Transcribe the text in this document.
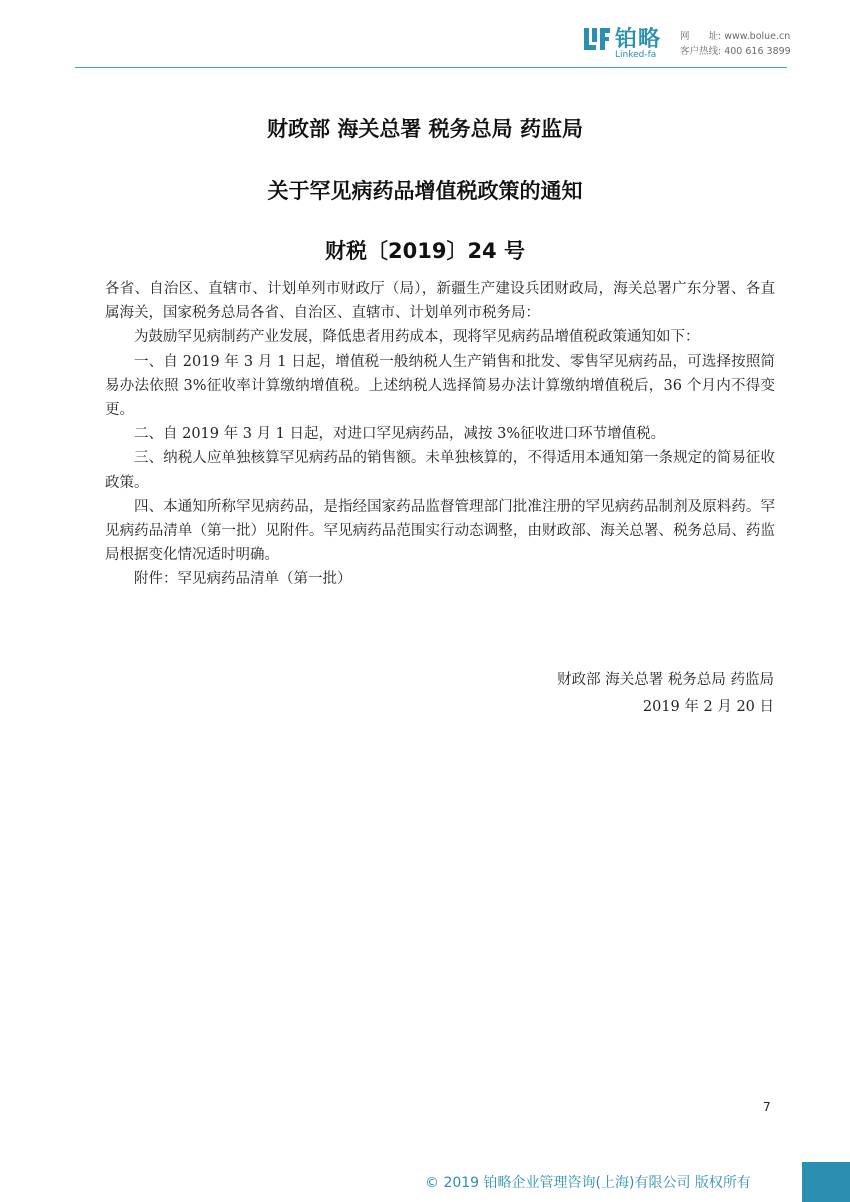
铂略
Linked-fa
网　　址: www.bolue.cn
客户热线: 400 616 3899
财政部 海关总署 税务总局 药监局
关于罕见病药品增值税政策的通知
财税〔2019〕24 号

各省、自治区、直辖市、计划单列市财政厅（局），新疆生产建设兵团财政局，海关总署广东分署、各直属海关，国家税务总局各省、自治区、直辖市、计划单列市税务局：

为鼓励罕见病制药产业发展，降低患者用药成本，现将罕见病药品增值税政策通知如下：

一、自 2019 年 3 月 1 日起，增值税一般纳税人生产销售和批发、零售罕见病药品，可选择按照简易办法依照 3%征收率计算缴纳增值税。上述纳税人选择简易办法计算缴纳增值税后，36 个月内不得变更。

二、自 2019 年 3 月 1 日起，对进口罕见病药品，减按 3%征收进口环节增值税。

三、纳税人应单独核算罕见病药品的销售额。未单独核算的，不得适用本通知第一条规定的简易征收政策。

四、本通知所称罕见病药品，是指经国家药品监督管理部门批准注册的罕见病药品制剂及原料药。罕见病药品清单（第一批）见附件。罕见病药品范围实行动态调整，由财政部、海关总署、税务总局、药监局根据变化情况适时明确。

附件：罕见病药品清单（第一批）

财政部 海关总署 税务总局 药监局
2019 年 2 月 20 日
7
© 2019 铂略企业管理咨询(上海)有限公司 版权所有
